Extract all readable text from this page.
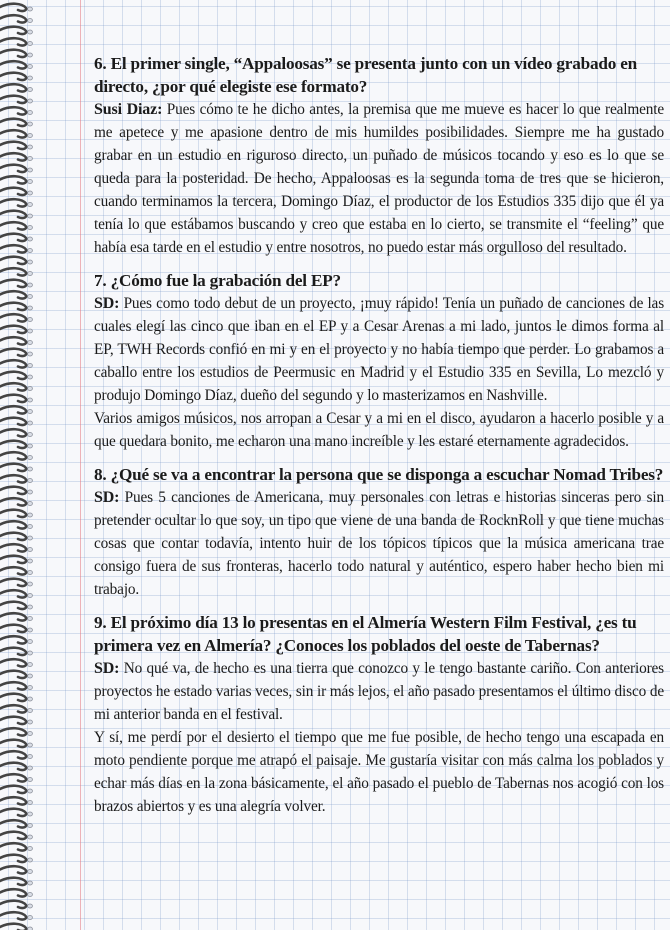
6. El primer single, “Appaloosas” se presenta junto con un vídeo grabado en directo, ¿por qué elegiste ese formato?

Susi Diaz: Pues cómo te he dicho antes, la premisa que me mueve es hacer lo que realmente me apetece y me apasione dentro de mis humildes posibilidades. Siempre me ha gustado grabar en un estudio en riguroso directo, un puñado de músicos tocando y eso es lo que se queda para la posteridad. De hecho, Appaloosas es la segunda toma de tres que se hicieron, cuando terminamos la tercera, Domingo Díaz, el productor de los Estudios 335 dijo que él ya tenía lo que estábamos buscando y creo que estaba en lo cierto, se transmite el “feeling” que había esa tarde en el estudio y entre nosotros, no puedo estar más orgulloso del resultado.

7. ¿Cómo fue la grabación del EP?

SD: Pues como todo debut de un proyecto, ¡muy rápido! Tenía un puñado de canciones de las cuales elegí las cinco que iban en el EP y a Cesar Arenas a mi lado, juntos le dimos forma al EP, TWH Records confió en mi y en el proyecto y no había tiempo que perder. Lo grabamos a caballo entre los estudios de Peermusic en Madrid y el Estudio 335 en Sevilla, Lo mezcló y produjo Domingo Díaz, dueño del segundo y lo masterizamos en Nashville.

Varios amigos músicos, nos arropan a Cesar y a mi en el disco, ayudaron a hacerlo posible y a que quedara bonito, me echaron una mano increíble y les estaré eternamente agradecidos.

8. ¿Qué se va a encontrar la persona que se disponga a escuchar Nomad Tribes?

SD: Pues 5 canciones de Americana, muy personales con letras e historias sinceras pero sin pretender ocultar lo que soy, un tipo que viene de una banda de RocknRoll y que tiene muchas cosas que contar todavía, intento huir de los tópicos típicos que la música americana trae consigo fuera de sus fronteras, hacerlo todo natural y auténtico, espero haber hecho bien mi trabajo.

9. El próximo día 13 lo presentas en el Almería Western Film Festival, ¿es tu primera vez en Almería? ¿Conoces los poblados del oeste de Tabernas?

SD: No qué va, de hecho es una tierra que conozco y le tengo bastante cariño. Con anteriores proyectos he estado varias veces, sin ir más lejos, el año pasado presentamos el último disco de mi anterior banda en el festival.

Y sí, me perdí por el desierto el tiempo que me fue posible, de hecho tengo una escapada en moto pendiente porque me atrapó el paisaje. Me gustaría visitar con más calma los poblados y echar más días en la zona básicamente, el año pasado el pueblo de Tabernas nos acogió con los brazos abiertos y es una alegría volver.
